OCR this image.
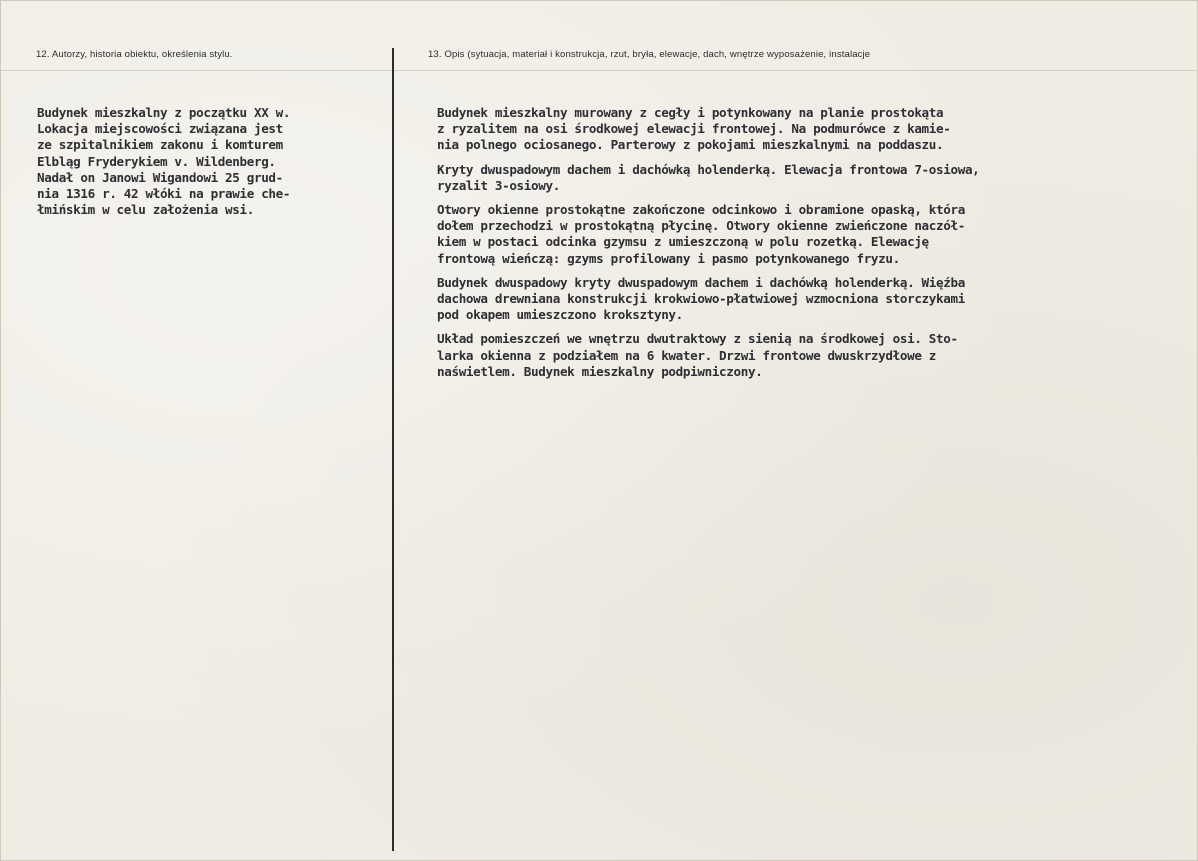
12. Autorzy, historia obiektu, określenia stylu.	13. Opis (sytuacja, materiał i konstrukcja, rzut, bryła, elewacje, dach, wnętrze wyposażenie, instalacje
Budynek mieszkalny z początku XX w.
Lokacja miejscowości związana jest
ze szpitalnikiem zakonu i komturem
Elbląg Fryderykiem v. Wildenberg.
Nadał on Janowi Wigandowi 25 grud-
nia 1316 r. 42 włóki na prawie che-
łmińskim w celu założenia wsi.
Budynek mieszkalny murowany z cegły i potynkowany na planie prostokąta
z ryzalitem na osi środkowej elewacji frontowej. Na podmurówce z kamie-
nia polnego ociosanego. Parterowy z pokojami mieszkalnymi na poddaszu.
Kryty dwuspadowym dachem i dachówką holenderką. Elewacja frontowa 7-osiowa,
ryzalit 3-osiowy.
Otwory okienne prostokątne zakończone odcinkowo i obramione opaską, która
dołem przechodzi w prostokątną płycinę. Otwory okienne zwieńczone naczół-
kiem w postaci odcinka gzymsu z umieszczoną w polu rozetką. Elewację
frontową wieńczą: gzyms profilowany i pasmo potynkowanego fryzu.
Budynek dwuspadowy kryty dwuspadowym dachem i dachówką holenderką. Więźba
dachowa drewniana konstrukcji krokwiowo-płatwiowej wzmocniona storczykami
pod okapem umieszczono kroksztyny.
Układ pomieszczeń we wnętrzu dwutraktowy z sienią na środkowej osi. Sto-
larka okienna z podziałem na 6 kwater. Drzwi frontowe dwuskrzydłowe z
naświetlem. Budynek mieszkalny podpiwniczony.
